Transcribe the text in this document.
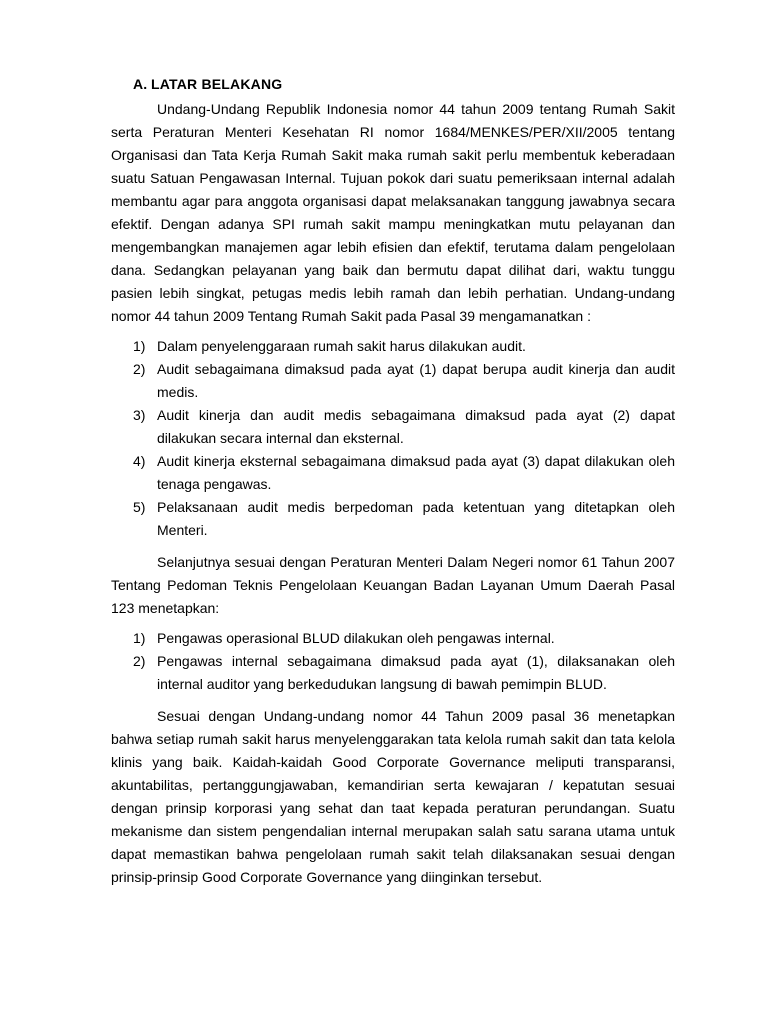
A. LATAR BELAKANG

Undang-Undang Republik Indonesia nomor 44 tahun 2009 tentang Rumah Sakit serta Peraturan Menteri Kesehatan RI nomor 1684/MENKES/PER/XII/2005 tentang Organisasi dan Tata Kerja Rumah Sakit maka rumah sakit perlu membentuk keberadaan suatu Satuan Pengawasan Internal. Tujuan pokok dari suatu pemeriksaan internal adalah membantu agar para anggota organisasi dapat melaksanakan tanggung jawabnya secara efektif. Dengan adanya SPI rumah sakit mampu meningkatkan mutu pelayanan dan mengembangkan manajemen agar lebih efisien dan efektif, terutama dalam pengelolaan dana. Sedangkan pelayanan yang baik dan bermutu dapat dilihat dari, waktu tunggu pasien lebih singkat, petugas medis lebih ramah dan lebih perhatian. Undang-undang nomor 44 tahun 2009 Tentang Rumah Sakit pada Pasal 39 mengamanatkan :

1) Dalam penyelenggaraan rumah sakit harus dilakukan audit.
2) Audit sebagaimana dimaksud pada ayat (1) dapat berupa audit kinerja dan audit medis.
3) Audit kinerja dan audit medis sebagaimana dimaksud pada ayat (2) dapat dilakukan secara internal dan eksternal.
4) Audit kinerja eksternal sebagaimana dimaksud pada ayat (3) dapat dilakukan oleh tenaga pengawas.
5) Pelaksanaan audit medis berpedoman pada ketentuan yang ditetapkan oleh Menteri.

Selanjutnya sesuai dengan Peraturan Menteri Dalam Negeri nomor 61 Tahun 2007 Tentang Pedoman Teknis Pengelolaan Keuangan Badan Layanan Umum Daerah Pasal 123 menetapkan:

1) Pengawas operasional BLUD dilakukan oleh pengawas internal.
2) Pengawas internal sebagaimana dimaksud pada ayat (1), dilaksanakan oleh internal auditor yang berkedudukan langsung di bawah pemimpin BLUD.

Sesuai dengan Undang-undang nomor 44 Tahun 2009 pasal 36 menetapkan bahwa setiap rumah sakit harus menyelenggarakan tata kelola rumah sakit dan tata kelola klinis yang baik. Kaidah-kaidah Good Corporate Governance meliputi transparansi, akuntabilitas, pertanggungjawaban, kemandirian serta kewajaran / kepatutan sesuai dengan prinsip korporasi yang sehat dan taat kepada peraturan perundangan. Suatu mekanisme dan sistem pengendalian internal merupakan salah satu sarana utama untuk dapat memastikan bahwa pengelolaan rumah sakit telah dilaksanakan sesuai dengan prinsip-prinsip Good Corporate Governance yang diinginkan tersebut.
